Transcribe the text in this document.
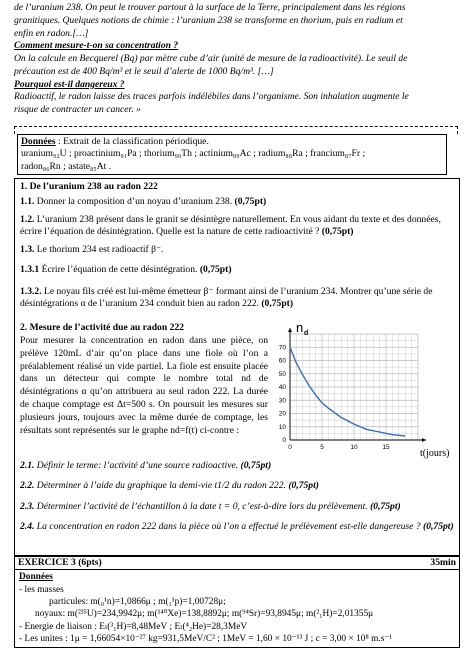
de l’uranium 238. On peut le trouver partout à la surface de la Terre, principalement dans les régions

granitiques. Quelques notions de chimie : l’uranium 238 se transforme en thorium, puis en radium et

enfin en radon.[…]

Comment mesure-t-on sa concentration ?

On la calcule en Becquerel (Bq) par mètre cube d’air (unité de mesure de la radioactivité). Le seuil de

précaution est de 400 Bq/m³ et le seuil d’alerte de 1000 Bq/m³. […]

Pourquoi est-il dangereux ?

Radioactif, le radon laisse des traces parfois indélébiles dans l’organisme. Son inhalation augmente le

risque de contracter un cancer. »

Données : Extrait de la classification périodique.

uranium₉₂U ; proactinium₉₁Pa ; thorium₉₀Th ; actinium₈₉Ac ; radium₈₈Ra ; francium₈₇Fr ;

radon₈₆Rn ; astate₈₅At .

1. De l’uranium 238 au radon 222

1.1. Donner la composition d’un noyau d’uranium 238. (0,75pt)

1.2. L’uranium 238 présent dans le granit se désintègre naturellement. En vous aidant du texte et des données, écrire l’équation de désintégration. Quelle est la nature de cette radioactivité ? (0,75pt)

1.3. Le thorium 234 est radioactif β⁻.

1.3.1 Écrire l’équation de cette désintégration. (0,75pt)

1.3.2. Le noyau fils créé est lui-même émetteur β⁻ formant ainsi de l’uranium 234. Montrer qu’une série de désintégrations α de l’uranium 234 conduit bien au radon 222. (0,75pt)

2. Mesure de l’activité due au radon 222

Pour mesurer la concentration en radon dans une pièce, on prélève 120mL d’air qu’on place dans une fiole où l’on a préalablement réalisé un vide partiel. La fiole est ensuite placée dans un détecteur qui compte le nombre total nd de désintégrations α qu’on attribuera au seul radon 222. La durée de chaque comptage est Δt=500 s. On poursuit les mesures sur plusieurs jours, toujours avec la même durée de comptage, les résultats sont représentés sur le graphe nd=f(t) ci-contre :

0	5	10	15
0
10
20
30
40
50
60
70
n d
t(jours)

2.1. Définir le terme: l’activité d’une source radioactive. (0,75pt)

2.2. Déterminer à l’aide du graphique la demi-vie t1/2 du radon 222. (0,75pt)

2.3. Déterminer l’activité de l’échantillon à la date t = 0, c’est-à-dire lors du prélèvement. (0,75pt)

2.4. La concentration en radon 222 dans la pièce où l’on a effectué le prélèvement est-elle dangereuse ? (0,75pt)

EXERCICE 3 (6pts)	35min

Données

- les masses

particules: m(₀¹n)=1,0866μ ; m(₁¹p)=1,00728μ;

noyaux: m(²³⁵U)=234,9942μ; m(¹⁴⁰Xe)=138,8892μ; m(⁹⁴Sr)=93,8945μ; m(²₁H)=2,01355μ

- Energie de liaison : Eₗ(³₁H)=8,48MeV ; Eₗ(⁴₂He)=28,3MeV

- Les unites : 1μ = 1,66054×10⁻²⁷ kg=931,5MeV/C² ; 1MeV = 1,60 × 10⁻¹³ J ; c = 3,00 × 10⁸ m.s⁻¹
